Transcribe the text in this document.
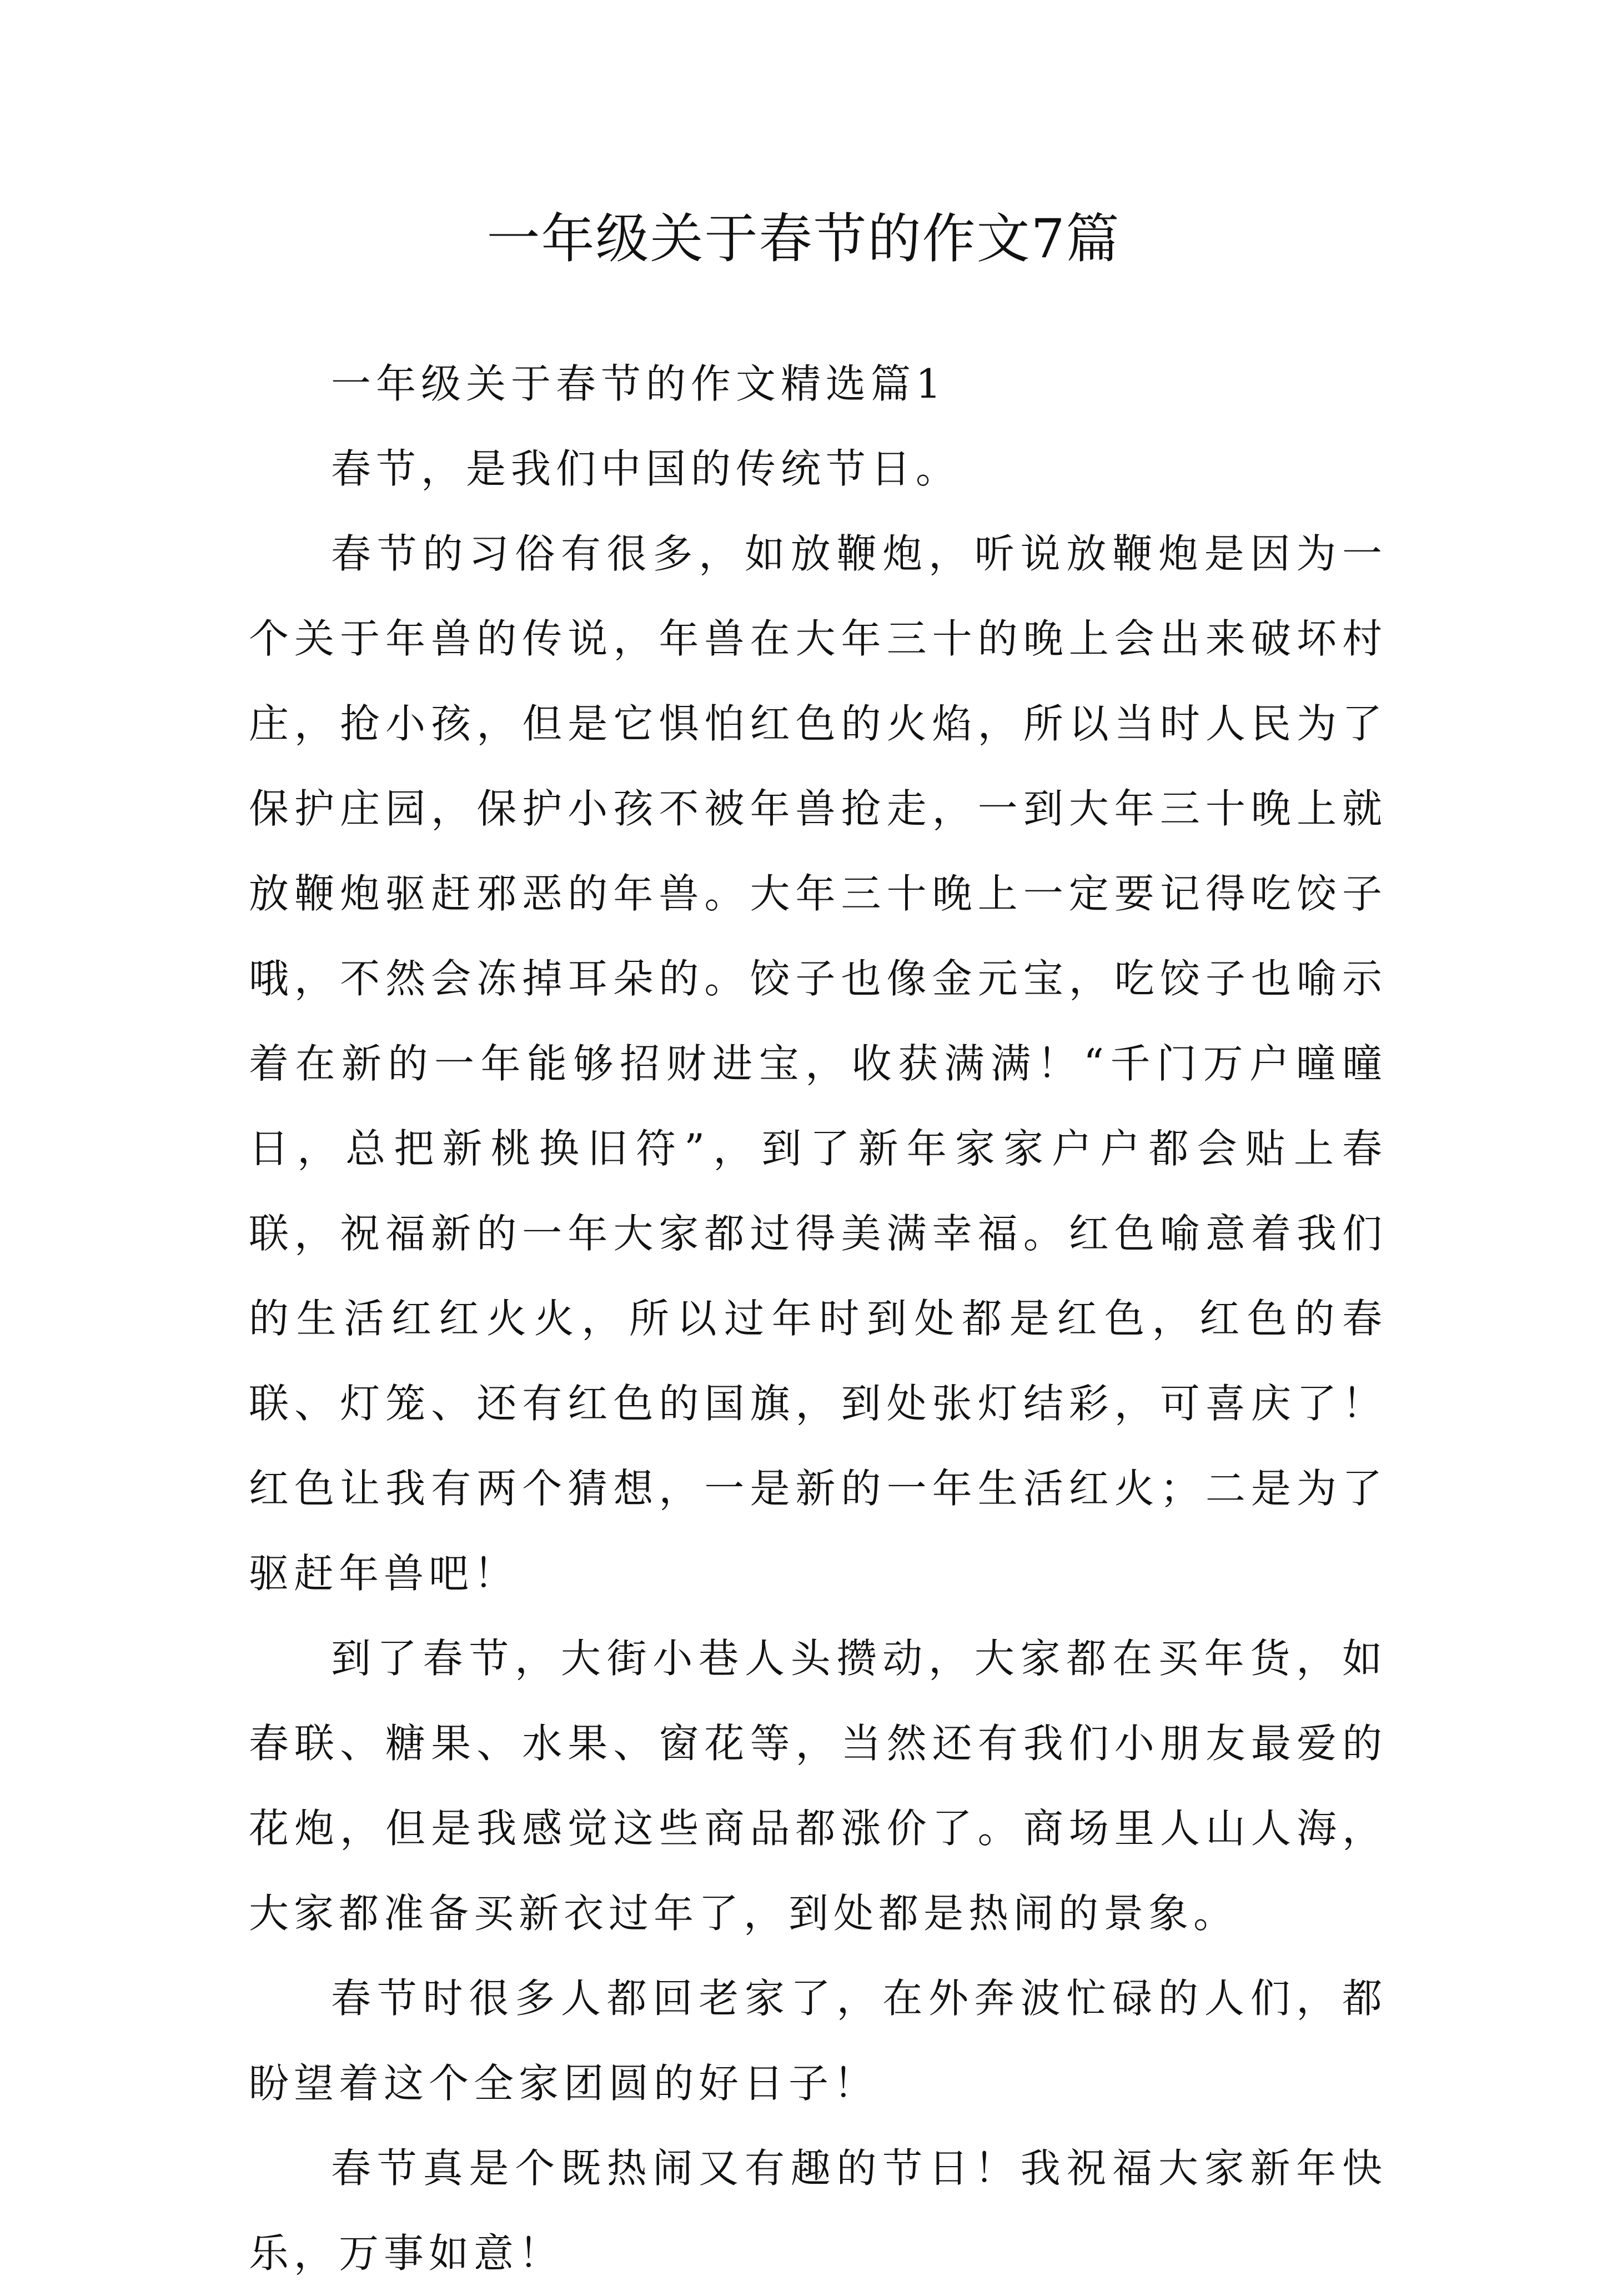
一年级关于春节的作文7篇

一年级关于春节的作文精选篇1

春节，是我们中国的传统节日。

春节的习俗有很多，如放鞭炮，听说放鞭炮是因为一个关于年兽的传说，年兽在大年三十的晚上会出来破坏村庄，抢小孩，但是它惧怕红色的火焰，所以当时人民为了保护庄园，保护小孩不被年兽抢走，一到大年三十晚上就放鞭炮驱赶邪恶的年兽。大年三十晚上一定要记得吃饺子哦，不然会冻掉耳朵的。饺子也像金元宝，吃饺子也喻示着在新的一年能够招财进宝，收获满满！“千门万户曈曈日，总把新桃换旧符”，到了新年家家户户都会贴上春联，祝福新的一年大家都过得美满幸福。红色喻意着我们的生活红红火火，所以过年时到处都是红色，红色的春联、灯笼、还有红色的国旗，到处张灯结彩，可喜庆了！红色让我有两个猜想，一是新的一年生活红火；二是为了驱赶年兽吧！

到了春节，大街小巷人头攒动，大家都在买年货，如春联、糖果、水果、窗花等，当然还有我们小朋友最爱的花炮，但是我感觉这些商品都涨价了。商场里人山人海，大家都准备买新衣过年了，到处都是热闹的景象。

春节时很多人都回老家了，在外奔波忙碌的人们，都盼望着这个全家团圆的好日子！

春节真是个既热闹又有趣的节日！我祝福大家新年快乐，万事如意！
